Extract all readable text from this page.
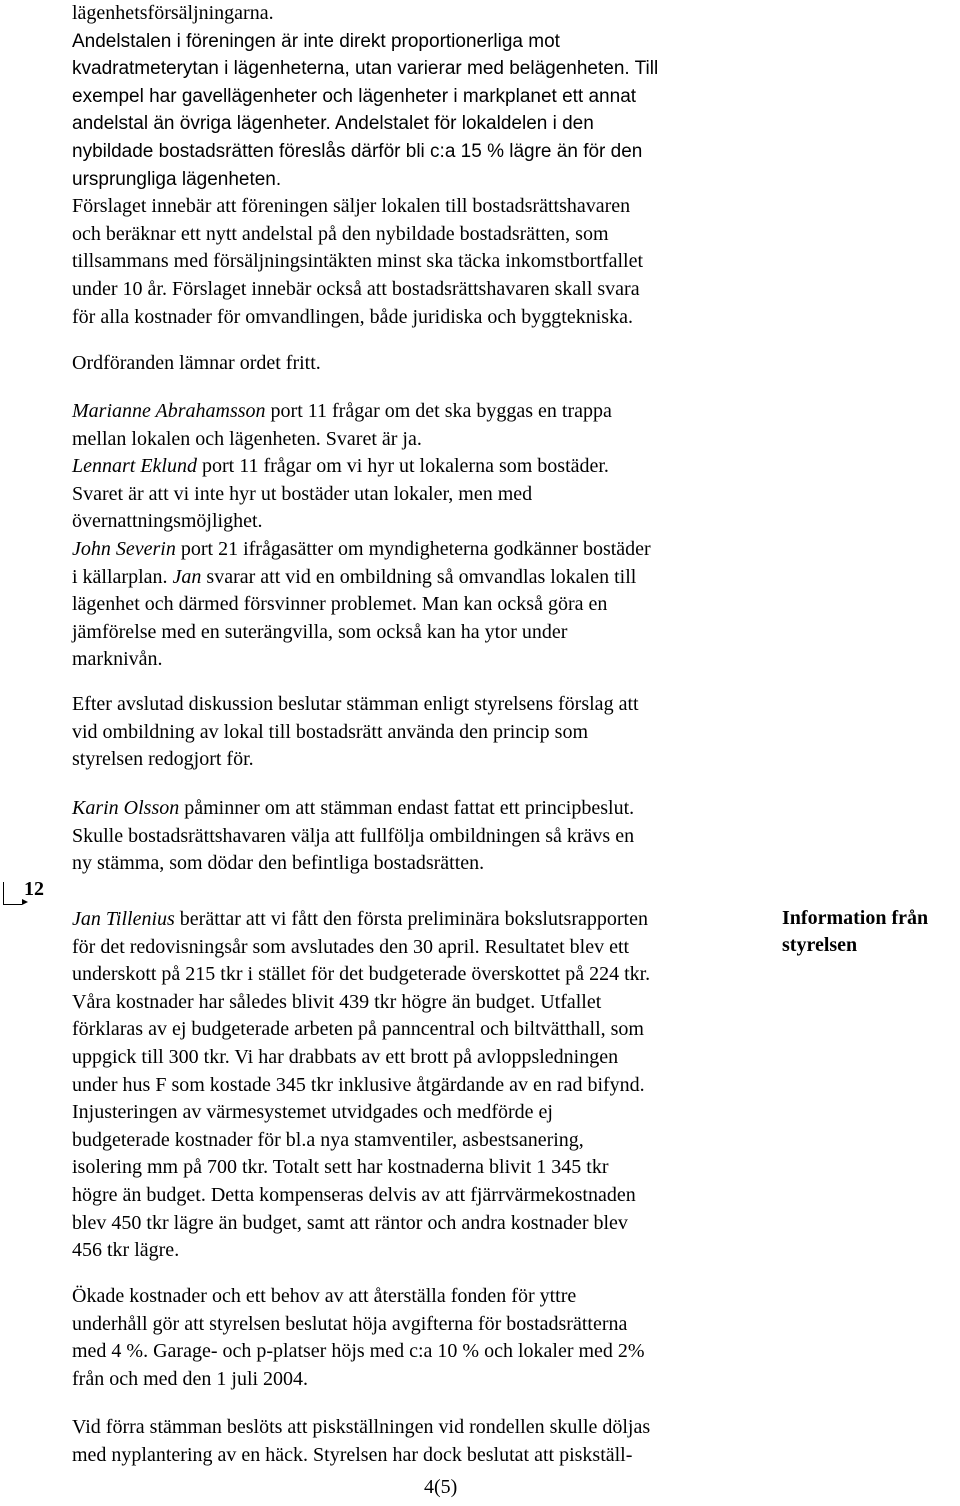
lägenhetsförsäljningarna.
Andelstalen i föreningen är inte direkt proportionerliga mot
kvadratmeterytan i lägenheterna, utan varierar med belägenheten. Till
exempel har gavellägenheter och lägenheter i markplanet ett annat
andelstal än övriga lägenheter. Andelstalet för lokaldelen i den
nybildade bostadsrätten föreslås därför bli c:a 15 % lägre än för den
ursprungliga lägenheten.
Förslaget innebär att föreningen säljer lokalen till bostadsrättshavaren
och beräknar ett nytt andelstal på den nybildade bostadsrätten, som
tillsammans med försäljningsintäkten minst ska täcka inkomstbortfallet
under 10 år. Förslaget innebär också att bostadsrättshavaren skall svara
för alla kostnader för omvandlingen, både juridiska och byggtekniska.
Ordföranden lämnar ordet fritt.
Marianne Abrahamsson port 11 frågar om det ska byggas en trappa
mellan lokalen och lägenheten. Svaret är ja.
Lennart Eklund port 11 frågar om vi hyr ut lokalerna som bostäder.
Svaret är att vi inte hyr ut bostäder utan lokaler, men med
övernattningsmöjlighet.
John Severin port 21 ifrågasätter om myndigheterna godkänner bostäder
i källarplan. Jan svarar att vid en ombildning så omvandlas lokalen till
lägenhet och därmed försvinner problemet. Man kan också göra en
jämförelse med en suterängvilla, som också kan ha ytor under
marknivån.
Efter avslutad diskussion beslutar stämman enligt styrelsens förslag att
vid ombildning av lokal till bostadsrätt använda den princip som
styrelsen redogjort för.
Karin Olsson påminner om att stämman endast fattat ett principbeslut.
Skulle bostadsrättshavaren välja att fullfölja ombildningen så krävs en
ny stämma, som dödar den befintliga bostadsrätten.
12
Jan Tillenius berättar att vi fått den första preliminära bokslutsrapporten
för det redovisningsår som avslutades den 30 april. Resultatet blev ett
underskott på 215 tkr i stället för det budgeterade överskottet på 224 tkr.
Våra kostnader har således blivit 439 tkr högre än budget. Utfallet
förklaras av ej budgeterade arbeten på panncentral och biltvätthall, som
uppgick till 300 tkr. Vi har drabbats av ett brott på avloppsledningen
under hus F som kostade 345 tkr inklusive åtgärdande av en rad bifynd.
Injusteringen av värmesystemet utvidgades och medförde ej
budgeterade kostnader för bl.a nya stamventiler, asbestsanering,
isolering mm på 700 tkr. Totalt sett har kostnaderna blivit 1 345 tkr
högre än budget. Detta kompenseras delvis av att fjärrvärmekostnaden
blev 450 tkr lägre än budget, samt att räntor och andra kostnader blev
456 tkr lägre.
Information från
styrelsen
Ökade kostnader och ett behov av att återställa fonden för yttre
underhåll gör att styrelsen beslutat höja avgifterna för bostadsrätterna
med 4 %. Garage- och p-platser höjs med c:a 10 % och lokaler med 2%
från och med den 1 juli 2004.
Vid förra stämman beslöts att piskställningen vid rondellen skulle döljas
med nyplantering av en häck. Styrelsen har dock beslutat att piskställ-
4(5)
